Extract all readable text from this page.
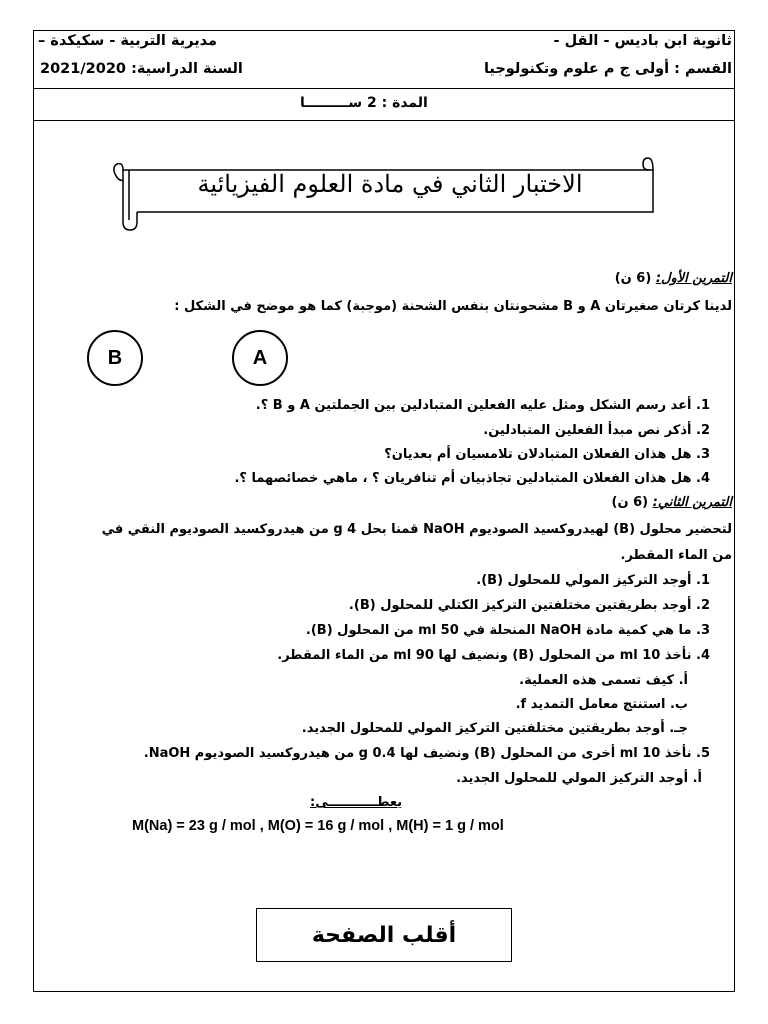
ثانوية ابن باديس - القل -
مديرية التربية - سكيكدة –
القسم : أولى ج م علوم وتكنولوجيا
السنة الدراسية: 2021/2020
المدة : 2 ســـــــــا
الاختبار الثاني في مادة العلوم الفيزيائية
التمرين الأول: (6 ن)
لدينا كرتان صغيرتان A و B مشحونتان بنفس الشحنة (موجبة) كما هو موضح في الشكل :
B	A
1. أعد رسم الشكل ومثل عليه الفعلين المتبادلين بين الجملتين A و B ؟.
2. أذكر نص مبدأ الفعلين المتبادلين.
3. هل هذان الفعلان المتبادلان تلامسيان أم بعديان؟
4. هل هذان الفعلان المتبادلين تجاذبيان أم تنافريان ؟ ، ماهي خصائصهما ؟.
التمرين الثاني: (6 ن)
لتحضير محلول (B) لهيدروكسيد الصوديوم NaOH قمنا بحل g 4 من هيدروكسيد الصوديوم النقي في
من الماء المقطر.
1. أوجد التركيز المولي للمحلول (B).
2. أوجد بطريقتين مختلفتين التركيز الكتلي للمحلول (B).
3. ما هي كمية مادة NaOH المنحلة في ml 50 من المحلول (B).
4. نأخذ ml 10 من المحلول (B) ونضيف لها ml 90 من الماء المقطر.
أ. كيف تسمى هذه العملية.
ب. استنتج معامل التمديد f.
جـ. أوجد بطريقتين مختلفتين التركيز المولي للمحلول الجديد.
5. نأخذ ml 10 أخرى من المحلول (B) ونضيف لها g 0.4 من هيدروكسيد الصوديوم NaOH.
أ. أوجد التركيز المولي للمحلول الجديد.
يعطـــــــــــى:
M(Na) = 23 g / mol , M(O) = 16 g / mol , M(H) = 1 g / mol
أقلب الصفحة
